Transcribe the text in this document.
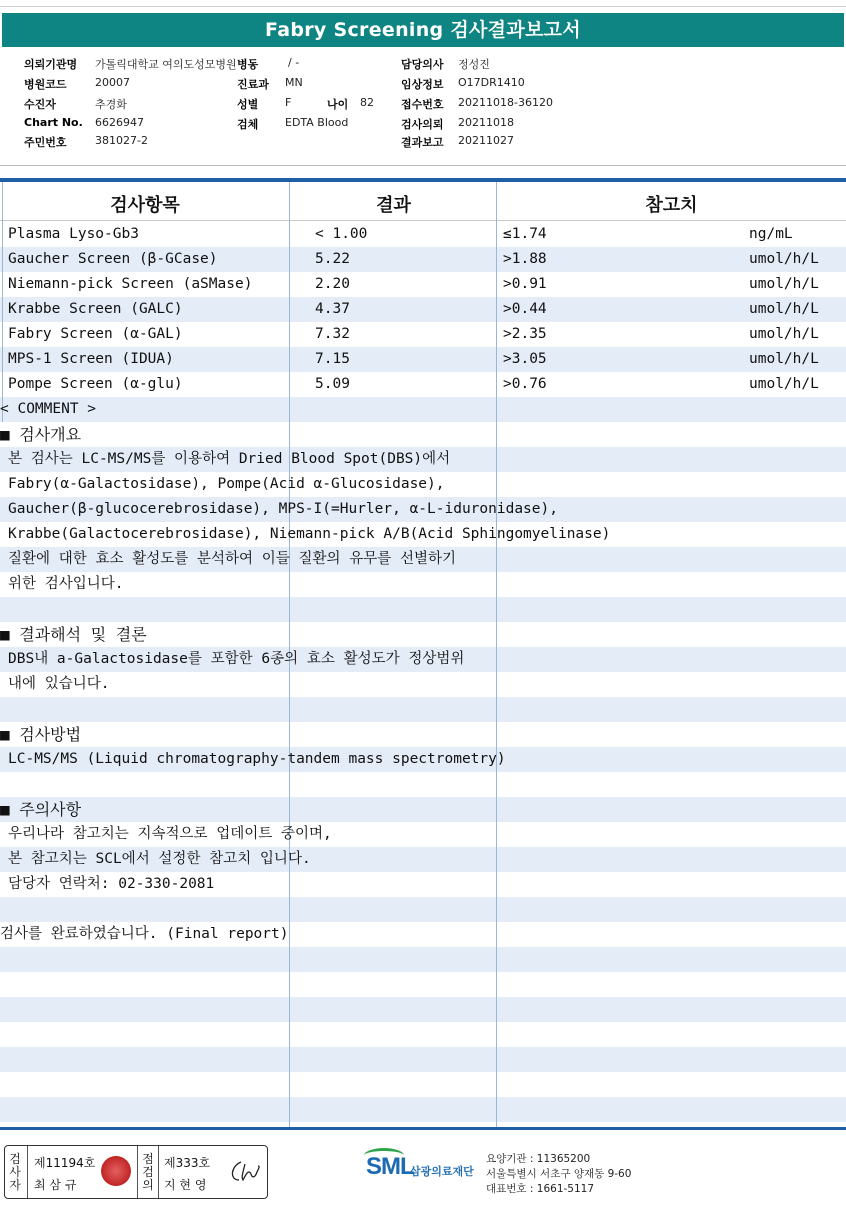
Fabry Screening 검사결과보고서
의뢰기관명 가톨릭대학교 여의도성모병원 병동	/ -	담당의사 정성진
병원코드	20007	진료과 MN	임상정보 O17DR1410
수진자	추경화	성별 F	나이 82 접수번호 20211018-36120
Chart No. 6626947	검체 EDTA Blood	검사의뢰 20211018
주민번호	381027-2	결과보고 20211027
검사항목	결과	참고치
Plasma Lyso-Gb3	< 1.00	≤1.74	ng/mL
Gaucher Screen (β-GCase)	5.22	>1.88	umol/h/L
Niemann-pick Screen (aSMase)	2.20	>0.91	umol/h/L
Krabbe Screen (GALC)	4.37	>0.44	umol/h/L
Fabry Screen (α-GAL)	7.32	>2.35	umol/h/L
MPS-1 Screen (IDUA)	7.15	>3.05	umol/h/L
Pompe Screen (α-glu)	5.09	>0.76	umol/h/L
< COMMENT >
■ 검사개요
본 검사는 LC-MS/MS를 이용하여 Dried Blood Spot(DBS)에서
Fabry(α-Galactosidase), Pompe(Acid α-Glucosidase),
Gaucher(β-glucocerebrosidase), MPS-I(=Hurler, α-L-iduronidase),
Krabbe(Galactocerebrosidase), Niemann-pick A/B(Acid Sphingomyelinase)
질환에 대한 효소 활성도를 분석하여 이들 질환의 유무를 선별하기
위한 검사입니다.
■ 결과해석 및 결론
DBS내 a-Galactosidase를 포함한 6종의 효소 활성도가 정상범위
내에 있습니다.
■ 검사방법
LC-MS/MS (Liquid chromatography-tandem mass spectrometry)
■ 주의사항
우리나라 참고치는 지속적으로 업데이트 중이며,
본 참고치는 SCL에서 설정한 참고치 입니다.
담당자 연락처: 02-330-2081
검사를 완료하였습니다. (Final report)
검사자
제11194호
최 삼 규
점검의
제333호
지 현 영
SML
삼광의료재단
요양기관 : 11365200
서울특별시 서초구 양재동 9-60
대표번호 : 1661-5117
